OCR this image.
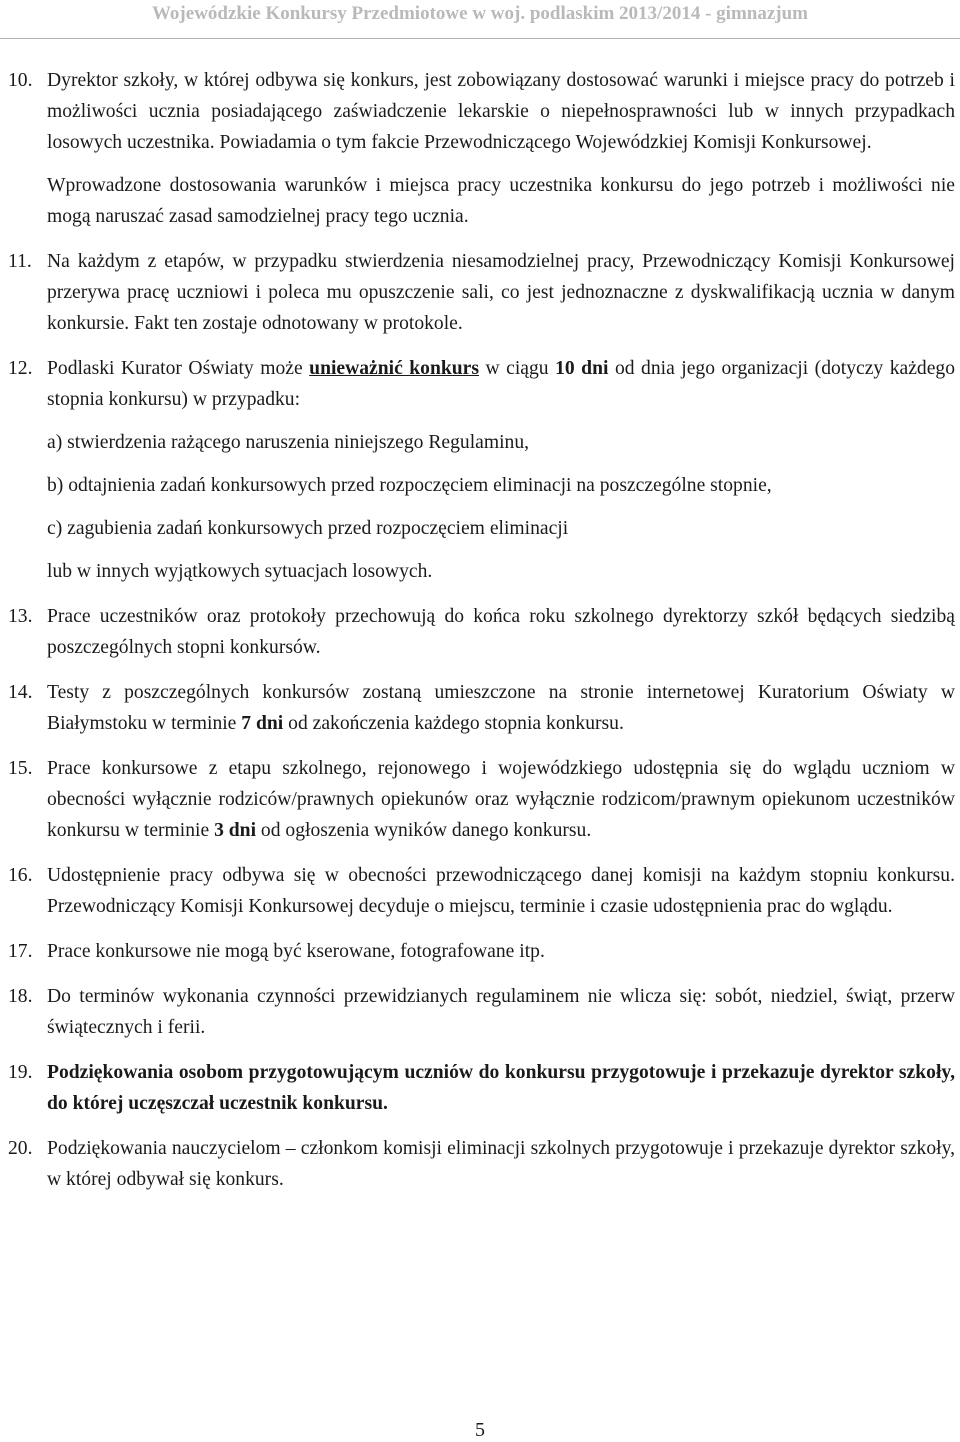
Wojewódzkie Konkursy Przedmiotowe w woj. podlaskim 2013/2014 - gimnazjum
10. Dyrektor szkoły, w której odbywa się konkurs, jest zobowiązany dostosować warunki i miejsce pracy do potrzeb i możliwości ucznia posiadającego zaświadczenie lekarskie o niepełnosprawności lub w innych przypadkach losowych uczestnika. Powiadamia o tym fakcie Przewodniczącego Wojewódzkiej Komisji Konkursowej.

Wprowadzone dostosowania warunków i miejsca pracy uczestnika konkursu do jego potrzeb i możliwości nie mogą naruszać zasad samodzielnej pracy tego ucznia.

11. Na każdym z etapów, w przypadku stwierdzenia niesamodzielnej pracy, Przewodniczący Komisji Konkursowej przerywa pracę uczniowi i poleca mu opuszczenie sali, co jest jednoznaczne z dyskwalifikacją ucznia w danym konkursie. Fakt ten zostaje odnotowany w protokole.

12. Podlaski Kurator Oświaty może unieważnić konkurs w ciągu 10 dni od dnia jego organizacji (dotyczy każdego stopnia konkursu) w przypadku:

a) stwierdzenia rażącego naruszenia niniejszego Regulaminu,

b) odtajnienia zadań konkursowych przed rozpoczęciem eliminacji na poszczególne stopnie,

c) zagubienia zadań konkursowych przed rozpoczęciem eliminacji

lub w innych wyjątkowych sytuacjach losowych.

13. Prace uczestników oraz protokoły przechowują do końca roku szkolnego dyrektorzy szkół będących siedzibą poszczególnych stopni konkursów.

14. Testy z poszczególnych konkursów zostaną umieszczone na stronie internetowej Kuratorium Oświaty w Białymstoku w terminie 7 dni od zakończenia każdego stopnia konkursu.

15. Prace konkursowe z etapu szkolnego, rejonowego i wojewódzkiego udostępnia się do wglądu uczniom w obecności wyłącznie rodziców/prawnych opiekunów oraz wyłącznie rodzicom/prawnym opiekunom uczestników konkursu w terminie 3 dni od ogłoszenia wyników danego konkursu.

16. Udostępnienie pracy odbywa się w obecności przewodniczącego danej komisji na każdym stopniu konkursu. Przewodniczący Komisji Konkursowej decyduje o miejscu, terminie i czasie udostępnienia prac do wglądu.

17. Prace konkursowe nie mogą być kserowane, fotografowane itp.

18. Do terminów wykonania czynności przewidzianych regulaminem nie wlicza się: sobót, niedziel, świąt, przerw świątecznych i ferii.

19. Podziękowania osobom przygotowującym uczniów do konkursu przygotowuje i przekazuje dyrektor szkoły, do której uczęszczał uczestnik konkursu.

20. Podziękowania nauczycielom – członkom komisji eliminacji szkolnych przygotowuje i przekazuje dyrektor szkoły, w której odbywał się konkurs.

5
